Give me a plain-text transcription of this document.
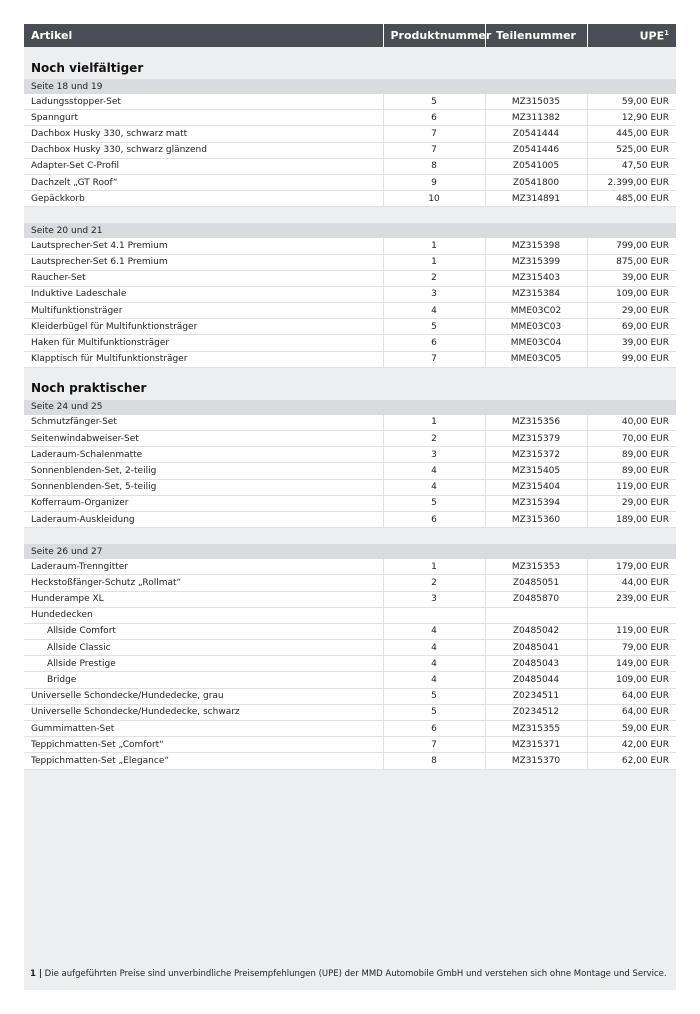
Artikel	Produktnummer	Teilenummer	UPE$^1$
Noch vielfältiger			
Seite 18 und 19			
Ladungsstopper-Set	5	MZ315035	59,00 EUR
Spanngurt	6	MZ311382	12,90 EUR
Dachbox Husky 330, schwarz matt	7	Z0541444	445,00 EUR
Dachbox Husky 330, schwarz glänzend	7	Z0541446	525,00 EUR
Adapter-Set C-Profil	8	Z0541005	47,50 EUR
Dachzelt „GT Roof“	9	Z0541800	2.399,00 EUR
Gepäckkorb	10	MZ314891	485,00 EUR

Seite 20 und 21			
Lautsprecher-Set 4.1 Premium	1	MZ315398	799,00 EUR
Lautsprecher-Set 6.1 Premium	1	MZ315399	875,00 EUR
Raucher-Set	2	MZ315403	39,00 EUR
Induktive Ladeschale	3	MZ315384	109,00 EUR
Multifunktionsträger	4	MME03C02	29,00 EUR
Kleiderbügel für Multifunktionsträger	5	MME03C03	69,00 EUR
Haken für Multifunktionsträger	6	MME03C04	39,00 EUR
Klapptisch für Multifunktionsträger	7	MME03C05	99,00 EUR
Noch praktischer			
Seite 24 und 25			
Schmutzfänger-Set	1	MZ315356	40,00 EUR
Seitenwindabweiser-Set	2	MZ315379	70,00 EUR
Laderaum-Schalenmatte	3	MZ315372	89,00 EUR
Sonnenblenden-Set, 2-teilig	4	MZ315405	89,00 EUR
Sonnenblenden-Set, 5-teilig	4	MZ315404	119,00 EUR
Kofferraum-Organizer	5	MZ315394	29,00 EUR
Laderaum-Auskleidung	6	MZ315360	189,00 EUR

Seite 26 und 27			
Laderaum-Trenngitter	1	MZ315353	179,00 EUR
Heckstoßfänger-Schutz „Rollmat“	2	Z0485051	44,00 EUR
Hunderampe XL	3	Z0485870	239,00 EUR
Hundedecken			
Allside Comfort	4	Z0485042	119,00 EUR
Allside Classic	4	Z0485041	79,00 EUR
Allside Prestige	4	Z0485043	149,00 EUR
Bridge	4	Z0485044	109,00 EUR
Universelle Schondecke/Hundedecke, grau	5	Z0234511	64,00 EUR
Universelle Schondecke/Hundedecke, schwarz	5	Z0234512	64,00 EUR
Gummimatten-Set	6	MZ315355	59,00 EUR
Teppichmatten-Set „Comfort“	7	MZ315371	42,00 EUR
Teppichmatten-Set „Elegance“	8	MZ315370	62,00 EUR
1 | Die aufgeführten Preise sind unverbindliche Preisempfehlungen (UPE) der MMD Automobile GmbH und verstehen sich ohne Montage und Service.
